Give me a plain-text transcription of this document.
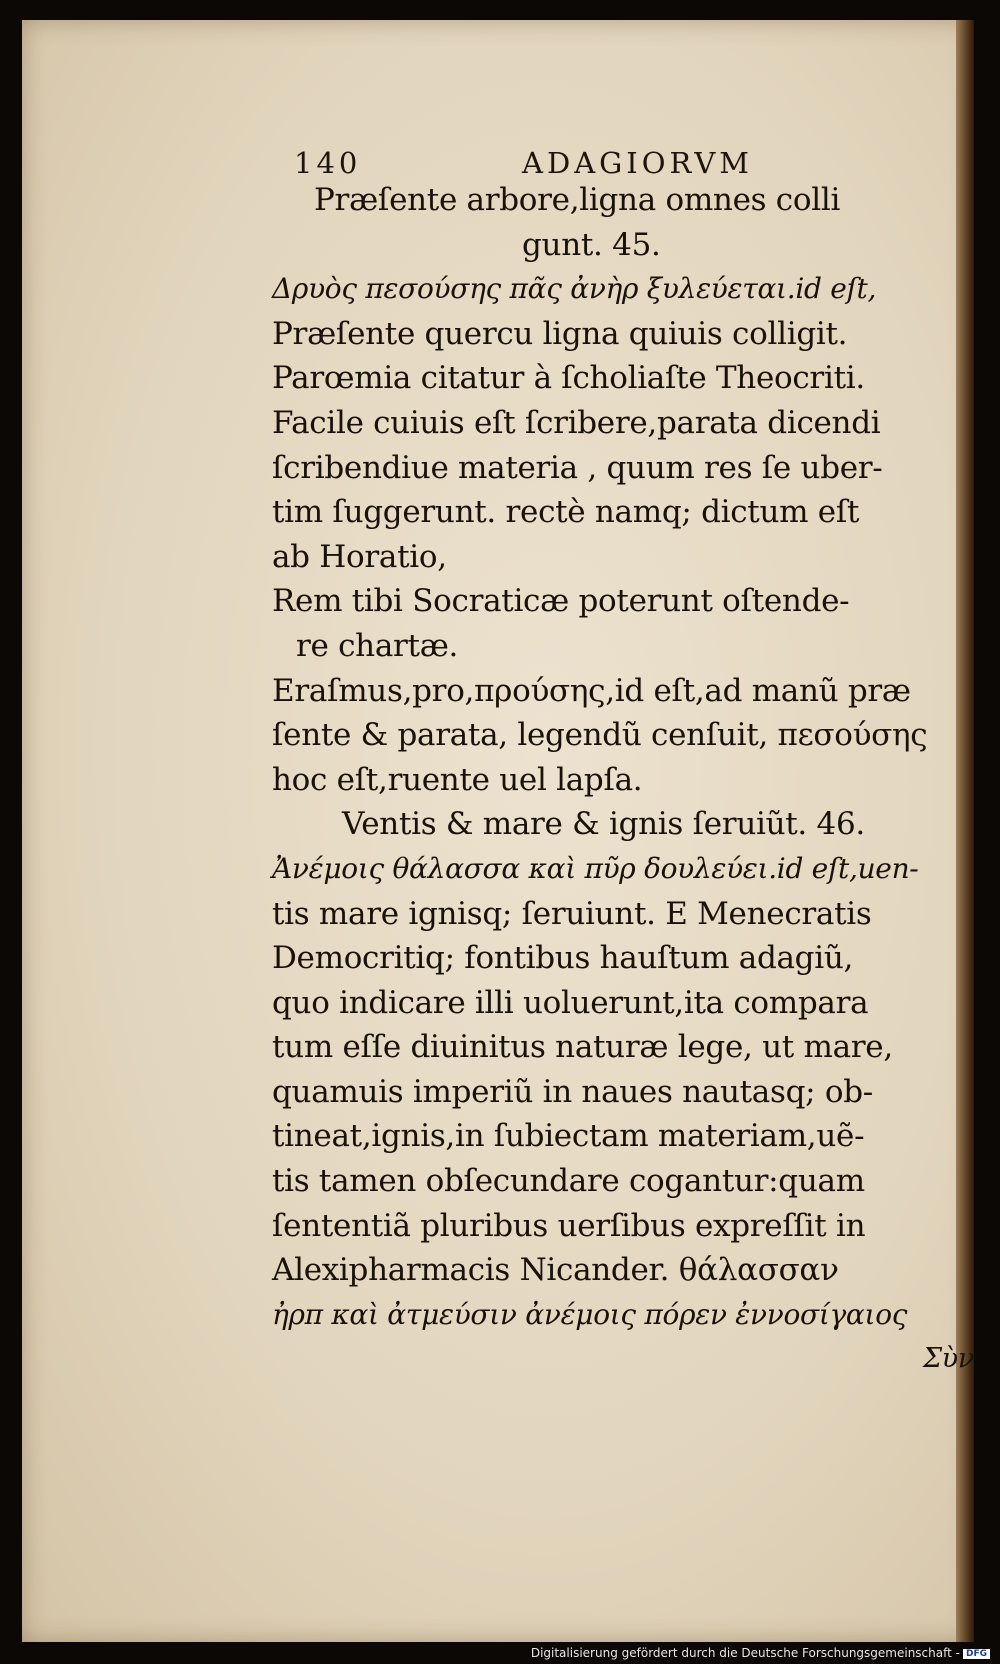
140	ADAGIORVM
Præſente arbore,ligna omnes colli
gunt. 45.
Δρυὸς πεσούσης πᾶς ἀνὴρ ξυλεύεται.id eſt,
Præſente quercu ligna quiuis colligit.
Parœmia citatur à ſcholiaſte Theocriti.
Facile cuiuis eſt ſcribere,parata dicendi
ſcribendiue materia , quum res ſe uber-
tim ſuggerunt. rectè namq; dictum eſt
ab Horatio,
Rem tibi Socraticæ poterunt oſtende-
re chartæ.
Eraſmus,pro,πρoύσης,id eſt,ad manũ præ
ſente & parata, legendũ cenſuit, πεσούσης
hoc eſt,ruente uel lapſa.
Ventis & mare & ignis ſeruiũt. 46.
Ἀνέμοις θάλασσα καὶ πῦρ δουλεύει.id eſt,uen-
tis mare ignisq; ſeruiunt. E Menecratis
Democritiq; fontibus hauſtum adagiũ,
quo indicare illi uoluerunt,ita compara
tum eſſe diuinitus naturæ lege, ut mare,
quamuis imperiũ in naues nautasq; ob-
tineat,ignis,in ſubiectam materiam,uẽ-
tis tamen obſecundare cogantur:quam
ſententiã pluribus uerſibus expreſſit in
Alexipharmacis Nicander. θάλασσαν
ἠρπ καὶ ἀτμεύσιν ἀνέμοις πόρεν ἐννοσίγαιος
Σὺν
Digitalisierung gefördert durch die Deutsche Forschungsgemeinschaft - DFG
